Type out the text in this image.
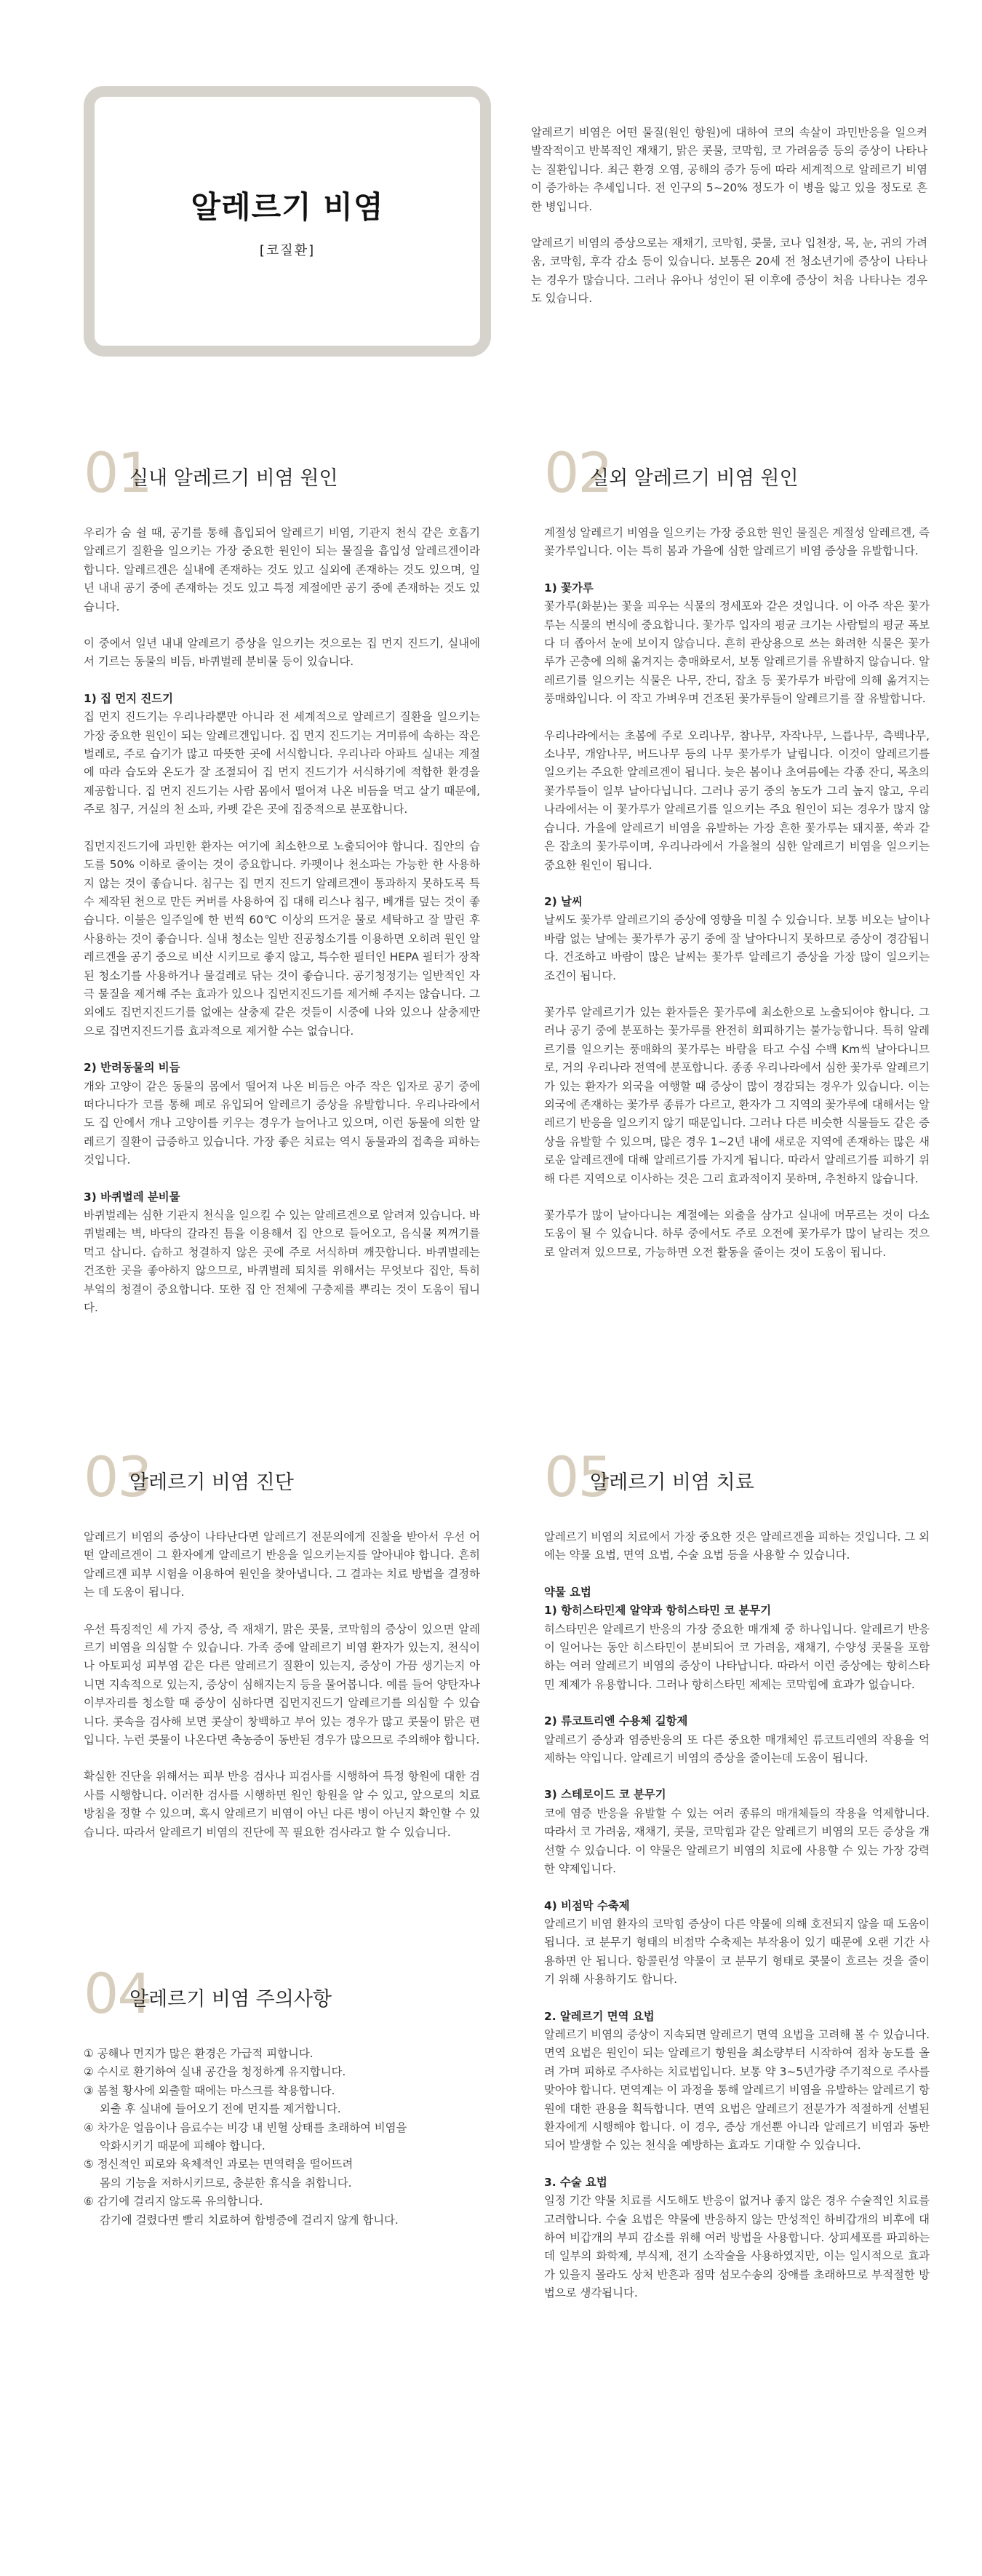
알레르기 비염
[코질환]

알레르기 비염은 어떤 물질(원인 항원)에 대하여 코의 속살이 과민반응을 일으켜 발작적이고 반복적인 재채기, 맑은 콧물, 코막힘, 코 가려움증 등의 증상이 나타나는 질환입니다. 최근 환경 오염, 공해의 증가 등에 따라 세계적으로 알레르기 비염이 증가하는 추세입니다. 전 인구의 5~20% 정도가 이 병을 앓고 있을 정도로 흔한 병입니다.

알레르기 비염의 증상으로는 재채기, 코막힘, 콧물, 코나 입천장, 목, 눈, 귀의 가려움, 코막힘, 후각 감소 등이 있습니다. 보통은 20세 전 청소년기에 증상이 나타나는 경우가 많습니다. 그러나 유아나 성인이 된 이후에 증상이 처음 나타나는 경우도 있습니다.

01
실내 알레르기 비염 원인

우리가 숨 쉴 때, 공기를 통해 흡입되어 알레르기 비염, 기관지 천식 같은 호흡기 알레르기 질환을 일으키는 가장 중요한 원인이 되는 물질을 흡입성 알레르겐이라 합니다. 알레르겐은 실내에 존재하는 것도 있고 실외에 존재하는 것도 있으며, 일 년 내내 공기 중에 존재하는 것도 있고 특정 계절에만 공기 중에 존재하는 것도 있습니다.

이 중에서 일년 내내 알레르기 증상을 일으키는 것으로는 집 먼지 진드기, 실내에서 기르는 동물의 비듬, 바퀴벌레 분비물 등이 있습니다.

1) 집 먼지 진드기

집 먼지 진드기는 우리나라뿐만 아니라 전 세계적으로 알레르기 질환을 일으키는 가장 중요한 원인이 되는 알레르겐입니다. 집 먼지 진드기는 거미류에 속하는 작은 벌레로, 주로 습기가 많고 따뜻한 곳에 서식합니다. 우리나라 아파트 실내는 계절에 따라 습도와 온도가 잘 조절되어 집 먼지 진드기가 서식하기에 적합한 환경을 제공합니다. 집 먼지 진드기는 사람 몸에서 떨어져 나온 비듬을 먹고 살기 때문에, 주로 침구, 거실의 천 소파, 카펫 같은 곳에 집중적으로 분포합니다.

집먼지진드기에 과민한 환자는 여기에 최소한으로 노출되어야 합니다. 집안의 습도를 50% 이하로 줄이는 것이 중요합니다. 카펫이나 천소파는 가능한 한 사용하지 않는 것이 좋습니다. 침구는 집 먼지 진드기 알레르겐이 통과하지 못하도록 특수 제작된 천으로 만든 커버를 사용하여 집 대해 리스나 침구, 베개를 덮는 것이 좋습니다. 이불은 일주일에 한 번씩 60℃ 이상의 뜨거운 물로 세탁하고 잘 말린 후 사용하는 것이 좋습니다. 실내 청소는 일반 진공청소기를 이용하면 오히려 원인 알레르겐을 공기 중으로 비산 시키므로 좋지 않고, 특수한 필터인 HEPA 필터가 장착된 청소기를 사용하거나 물걸레로 닦는 것이 좋습니다. 공기청정기는 일반적인 자극 물질을 제거해 주는 효과가 있으나 집먼지진드기를 제거해 주지는 않습니다. 그외에도 집먼지진드기를 없애는 살충제 같은 것들이 시중에 나와 있으나 살충제만으로 집먼지진드기를 효과적으로 제거할 수는 없습니다.

2) 반려동물의 비듬

개와 고양이 같은 동물의 몸에서 떨어져 나온 비듬은 아주 작은 입자로 공기 중에 떠다니다가 코를 통해 폐로 유입되어 알레르기 증상을 유발합니다. 우리나라에서도 집 안에서 개나 고양이를 키우는 경우가 늘어나고 있으며, 이런 동물에 의한 알레르기 질환이 급증하고 있습니다. 가장 좋은 치료는 역시 동물과의 접촉을 피하는 것입니다.

3) 바퀴벌레 분비물

바퀴벌레는 심한 기관지 천식을 일으킬 수 있는 알레르겐으로 알려져 있습니다. 바퀴벌레는 벽, 바닥의 갈라진 틈을 이용해서 집 안으로 들어오고, 음식물 찌꺼기를 먹고 삽니다. 습하고 청결하지 않은 곳에 주로 서식하며 깨끗합니다. 바퀴벌레는 건조한 곳을 좋아하지 않으므로, 바퀴벌레 퇴치를 위해서는 무엇보다 집안, 특히 부엌의 청결이 중요합니다. 또한 집 안 전체에 구충제를 뿌리는 것이 도움이 됩니다.

02
실외 알레르기 비염 원인

계절성 알레르기 비염을 일으키는 가장 중요한 원인 물질은 계절성 알레르겐, 즉 꽃가루입니다. 이는 특히 봄과 가을에 심한 알레르기 비염 증상을 유발합니다.

1) 꽃가루

꽃가루(화분)는 꽃을 피우는 식물의 정세포와 같은 것입니다. 이 아주 작은 꽃가루는 식물의 번식에 중요합니다. 꽃가루 입자의 평균 크기는 사람털의 평균 폭보다 더 좁아서 눈에 보이지 않습니다. 흔히 관상용으로 쓰는 화려한 식물은 꽃가루가 곤충에 의해 옮겨지는 충매화로서, 보통 알레르기를 유발하지 않습니다. 알레르기를 일으키는 식물은 나무, 잔디, 잡초 등 꽃가루가 바람에 의해 옮겨지는 풍매화입니다. 이 작고 가벼우며 건조된 꽃가루들이 알레르기를 잘 유발합니다.

우리나라에서는 초봄에 주로 오리나무, 참나무, 자작나무, 느릅나무, 측백나무, 소나무, 개암나무, 버드나무 등의 나무 꽃가루가 날립니다. 이것이 알레르기를 일으키는 주요한 알레르겐이 됩니다. 늦은 봄이나 초여름에는 각종 잔디, 목초의 꽃가루들이 일부 날아다닙니다. 그러나 공기 중의 농도가 그리 높지 않고, 우리나라에서는 이 꽃가루가 알레르기를 일으키는 주요 원인이 되는 경우가 많지 않습니다. 가을에 알레르기 비염을 유발하는 가장 흔한 꽃가루는 돼지풀, 쑥과 같은 잡초의 꽃가루이며, 우리나라에서 가을철의 심한 알레르기 비염을 일으키는 중요한 원인이 됩니다.

2) 날씨

날씨도 꽃가루 알레르기의 증상에 영향을 미칠 수 있습니다. 보통 비오는 날이나 바람 없는 날에는 꽃가루가 공기 중에 잘 날아다니지 못하므로 증상이 경감됩니다. 건조하고 바람이 많은 날씨는 꽃가루 알레르기 증상을 가장 많이 일으키는 조건이 됩니다.

꽃가루 알레르기가 있는 환자들은 꽃가루에 최소한으로 노출되어야 합니다. 그러나 공기 중에 분포하는 꽃가루를 완전히 회피하기는 불가능합니다. 특히 알레르기를 일으키는 풍매화의 꽃가루는 바람을 타고 수십 수백 Km씩 날아다니므로, 거의 우리나라 전역에 분포합니다. 종종 우리나라에서 심한 꽃가루 알레르기가 있는 환자가 외국을 여행할 때 증상이 많이 경감되는 경우가 있습니다. 이는 외국에 존재하는 꽃가루 종류가 다르고, 환자가 그 지역의 꽃가루에 대해서는 알레르기 반응을 일으키지 않기 때문입니다. 그러나 다른 비슷한 식물들도 같은 증상을 유발할 수 있으며, 많은 경우 1~2년 내에 새로운 지역에 존재하는 많은 새로운 알레르겐에 대해 알레르기를 가지게 됩니다. 따라서 알레르기를 피하기 위해 다른 지역으로 이사하는 것은 그리 효과적이지 못하며, 추천하지 않습니다.

꽃가루가 많이 날아다니는 계절에는 외출을 삼가고 실내에 머무르는 것이 다소 도움이 될 수 있습니다. 하루 중에서도 주로 오전에 꽃가루가 많이 날리는 것으로 알려져 있으므로, 가능하면 오전 활동을 줄이는 것이 도움이 됩니다.

03
알레르기 비염 진단

알레르기 비염의 증상이 나타난다면 알레르기 전문의에게 진찰을 받아서 우선 어떤 알레르겐이 그 환자에게 알레르기 반응을 일으키는지를 알아내야 합니다. 흔히 알레르겐 피부 시험을 이용하여 원인을 찾아냅니다. 그 결과는 치료 방법을 결정하는 데 도움이 됩니다.

우선 특징적인 세 가지 증상, 즉 재채기, 맑은 콧물, 코막힘의 증상이 있으면 알레르기 비염을 의심할 수 있습니다. 가족 중에 알레르기 비염 환자가 있는지, 천식이나 아토피성 피부염 같은 다른 알레르기 질환이 있는지, 증상이 가끔 생기는지 아니면 지속적으로 있는지, 증상이 심해지는지 등을 물어봅니다. 예를 들어 양탄자나 이부자리를 청소할 때 증상이 심하다면 집먼지진드기 알레르기를 의심할 수 있습니다. 콧속을 검사해 보면 콧살이 창백하고 부어 있는 경우가 많고 콧물이 맑은 편입니다. 누런 콧물이 나온다면 축농증이 동반된 경우가 많으므로 주의해야 합니다.

확실한 진단을 위해서는 피부 반응 검사나 피검사를 시행하여 특정 항원에 대한 검사를 시행합니다. 이러한 검사를 시행하면 원인 항원을 알 수 있고, 앞으로의 치료 방침을 정할 수 있으며, 혹시 알레르기 비염이 아닌 다른 병이 아닌지 확인할 수 있습니다. 따라서 알레르기 비염의 진단에 꼭 필요한 검사라고 할 수 있습니다.

04
알레르기 비염 주의사항
① 공해나 먼지가 많은 환경은 가급적 피합니다.
② 수시로 환기하여 실내 공간을 청정하게 유지합니다.
③ 봄철 황사에 외출할 때에는 마스크를 착용합니다.
외출 후 실내에 들어오기 전에 먼지를 제거합니다.
④ 차가운 얼음이나 음료수는 비강 내 빈혈 상태를 초래하여 비염을
악화시키기 때문에 피해야 합니다.
⑤ 정신적인 피로와 육체적인 과로는 면역력을 떨어뜨려
몸의 기능을 저하시키므로, 충분한 휴식을 취합니다.
⑥ 감기에 걸리지 않도록 유의합니다.
감기에 걸렸다면 빨리 치료하여 합병증에 걸리지 않게 합니다.
05
알레르기 비염 치료

알레르기 비염의 치료에서 가장 중요한 것은 알레르겐을 피하는 것입니다. 그 외에는 약물 요법, 면역 요법, 수술 요법 등을 사용할 수 있습니다.

약물 요법
1) 항히스타민제 알약과 항히스타민 코 분무기

히스타민은 알레르기 반응의 가장 중요한 매개체 중 하나입니다. 알레르기 반응이 일어나는 동안 히스타민이 분비되어 코 가려움, 재채기, 수양성 콧물을 포함하는 여러 알레르기 비염의 증상이 나타납니다. 따라서 이런 증상에는 항히스타민 제제가 유용합니다. 그러나 항히스타민 제제는 코막힘에 효과가 없습니다.

2) 류코트리엔 수용체 길항제

알레르기 증상과 염증반응의 또 다른 중요한 매개체인 류코트리엔의 작용을 억제하는 약입니다. 알레르기 비염의 증상을 줄이는데 도움이 됩니다.

3) 스테로이드 코 분무기

코에 염증 반응을 유발할 수 있는 여러 종류의 매개체들의 작용을 억제합니다. 따라서 코 가려움, 재채기, 콧물, 코막힘과 같은 알레르기 비염의 모든 증상을 개선할 수 있습니다. 이 약물은 알레르기 비염의 치료에 사용할 수 있는 가장 강력한 약제입니다.

4) 비점막 수축제

알레르기 비염 환자의 코막힘 증상이 다른 약물에 의해 호전되지 않을 때 도움이 됩니다. 코 분무기 형태의 비점막 수축제는 부작용이 있기 때문에 오랜 기간 사용하면 안 됩니다. 항콜린성 약물이 코 분무기 형태로 콧물이 흐르는 것을 줄이기 위해 사용하기도 합니다.

2. 알레르기 면역 요법

알레르기 비염의 증상이 지속되면 알레르기 면역 요법을 고려해 볼 수 있습니다. 면역 요법은 원인이 되는 알레르기 항원을 최소량부터 시작하여 점차 농도를 올려 가며 피하로 주사하는 치료법입니다. 보통 약 3~5년가량 주기적으로 주사를 맞아야 합니다. 면역계는 이 과정을 통해 알레르기 비염을 유발하는 알레르기 항원에 대한 관용을 획득합니다. 면역 요법은 알레르기 전문가가 적절하게 선별된 환자에게 시행해야 합니다. 이 경우, 증상 개선뿐 아니라 알레르기 비염과 동반되어 발생할 수 있는 천식을 예방하는 효과도 기대할 수 있습니다.

3. 수술 요법

일정 기간 약물 치료를 시도해도 반응이 없거나 좋지 않은 경우 수술적인 치료를 고려합니다. 수술 요법은 약물에 반응하지 않는 만성적인 하비갑개의 비후에 대하여 비갑개의 부피 감소를 위해 여러 방법을 사용합니다. 상피세포를 파괴하는 데 일부의 화학제, 부식제, 전기 소작술을 사용하였지만, 이는 일시적으로 효과가 있을지 몰라도 상처 반흔과 점막 섬모수송의 장애를 초래하므로 부적절한 방법으로 생각됩니다.
